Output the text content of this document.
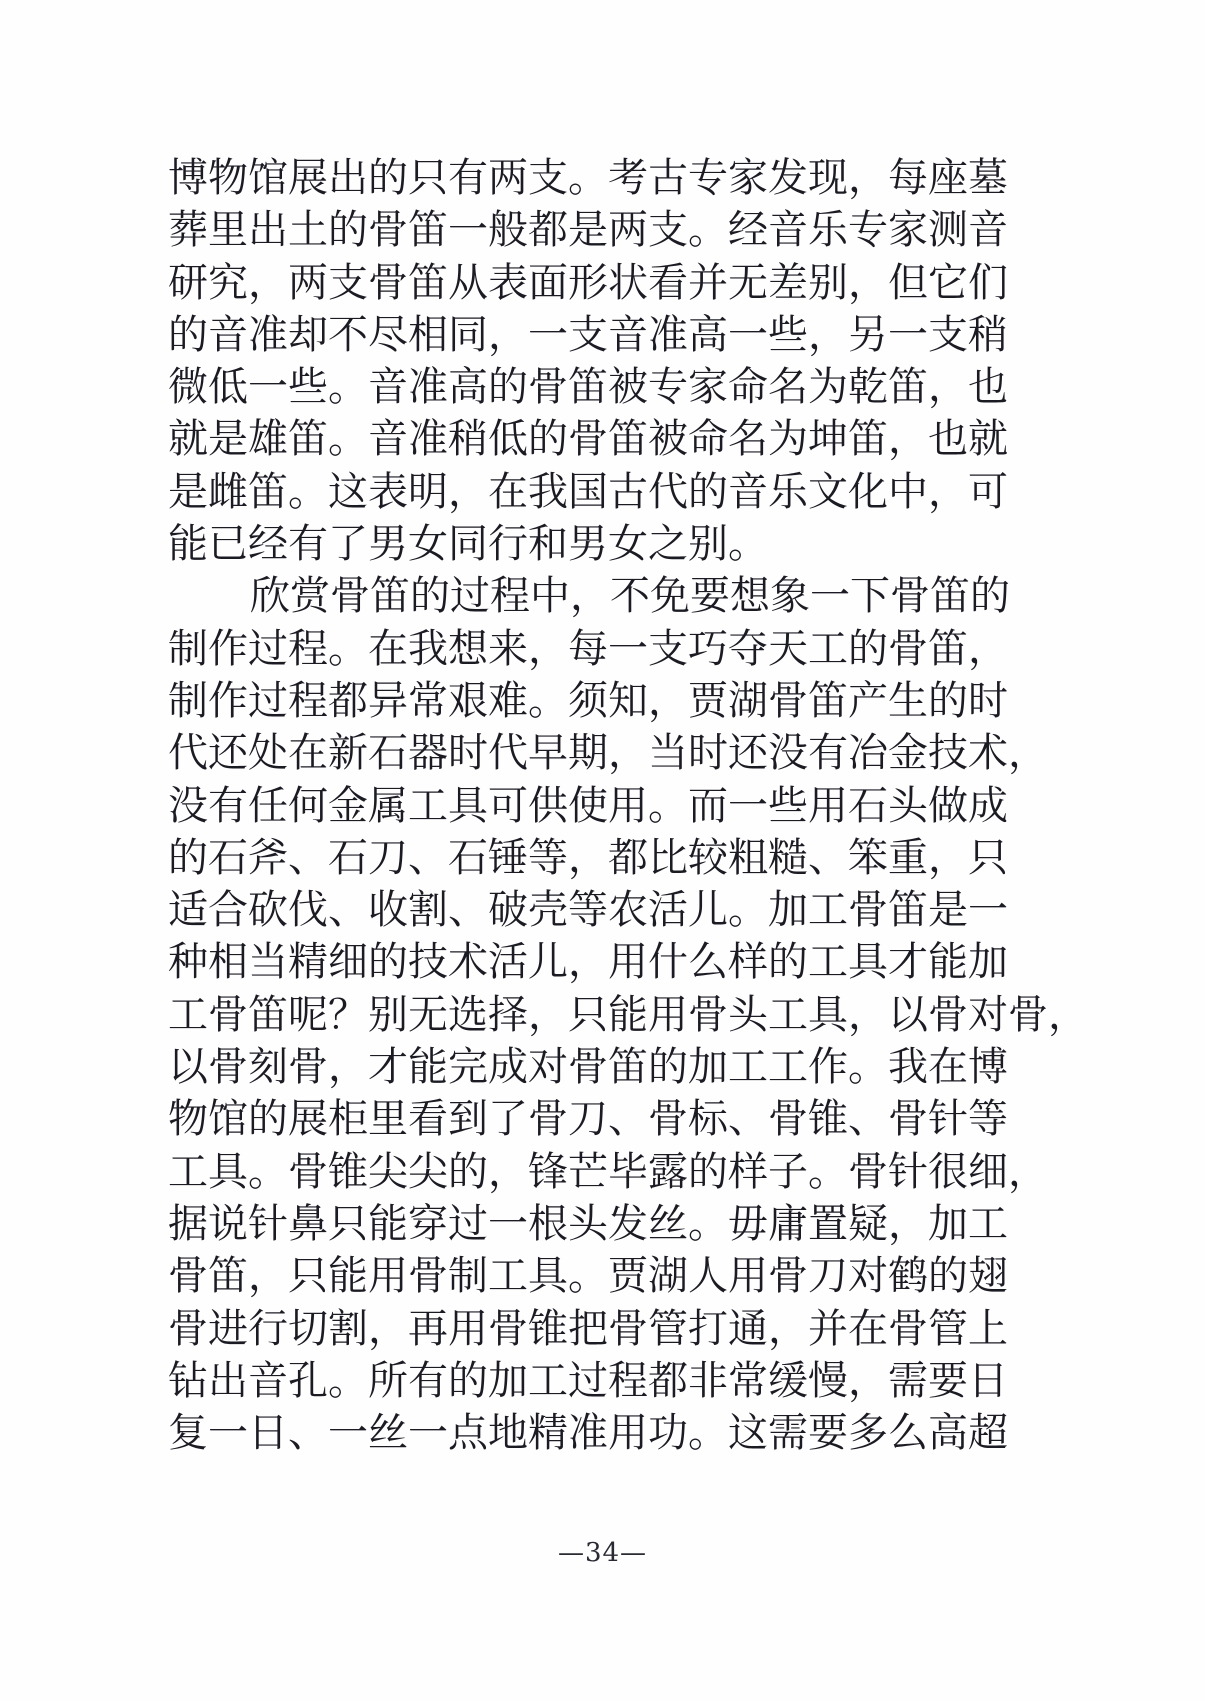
博 物 馆 展 出 的 只 有 两 支 。 考 古 专 家 发 现 ， 每 座 墓
葬 里 出 土 的 骨 笛 一 般 都 是 两 支 。 经 音 乐 专 家 测 音
研 究 ， 两 支 骨 笛 从 表 面 形 状 看 并 无 差 别 ， 但 它 们
的 音 准 却 不 尽 相 同 ， 一 支 音 准 高 一 些 ， 另 一 支 稍
微 低 一 些 。 音 准 高 的 骨 笛 被 专 家 命 名 为 乾 笛 ， 也
就 是 雄 笛 。 音 准 稍 低 的 骨 笛 被 命 名 为 坤 笛 ， 也 就
是 雌 笛 。 这 表 明 ， 在 我 国 古 代 的 音 乐 文 化 中 ， 可
能已经有了男女同行和男女之别。
欣 赏 骨 笛 的 过 程 中 ， 不 免 要 想 象 一 下 骨 笛 的
制 作 过 程 。 在 我 想 来 ， 每 一 支 巧 夺 天 工 的 骨 笛 ，
制 作 过 程 都 异 常 艰 难 。 须 知 ， 贾 湖 骨 笛 产 生 的 时
代 还 处 在 新 石 器 时 代 早 期 ， 当 时 还 没 有 冶 金 技 术 ，
没 有 任 何 金 属 工 具 可 供 使 用 。 而 一 些 用 石 头 做 成
的 石 斧 、 石 刀 、 石 锤 等 ， 都 比 较 粗 糙 、 笨 重 ， 只
适 合 砍 伐 、 收 割 、 破 壳 等 农 活 儿 。 加 工 骨 笛 是 一
种 相 当 精 细 的 技 术 活 儿 ， 用 什 么 样 的 工 具 才 能 加
工 骨 笛 呢 ？ 别 无 选 择 ， 只 能 用 骨 头 工 具 ， 以 骨 对 骨 ，
以 骨 刻 骨 ， 才 能 完 成 对 骨 笛 的 加 工 工 作 。 我 在 博
物 馆 的 展 柜 里 看 到 了 骨 刀 、 骨 标 、 骨 锥 、 骨 针 等
工 具 。 骨 锥 尖 尖 的 ， 锋 芒 毕 露 的 样 子 。 骨 针 很 细 ，
据 说 针 鼻 只 能 穿 过 一 根 头 发 丝 。 毋 庸 置 疑 ， 加 工
骨 笛 ， 只 能 用 骨 制 工 具 。 贾 湖 人 用 骨 刀 对 鹤 的 翅
骨 进 行 切 割 ， 再 用 骨 锥 把 骨 管 打 通 ， 并 在 骨 管 上
钻 出 音 孔 。 所 有 的 加 工 过 程 都 非 常 缓 慢 ， 需 要 日
复 一 日 、 一 丝 一 点 地 精 准 用 功 。 这 需 要 多 么 高 超
—34—
